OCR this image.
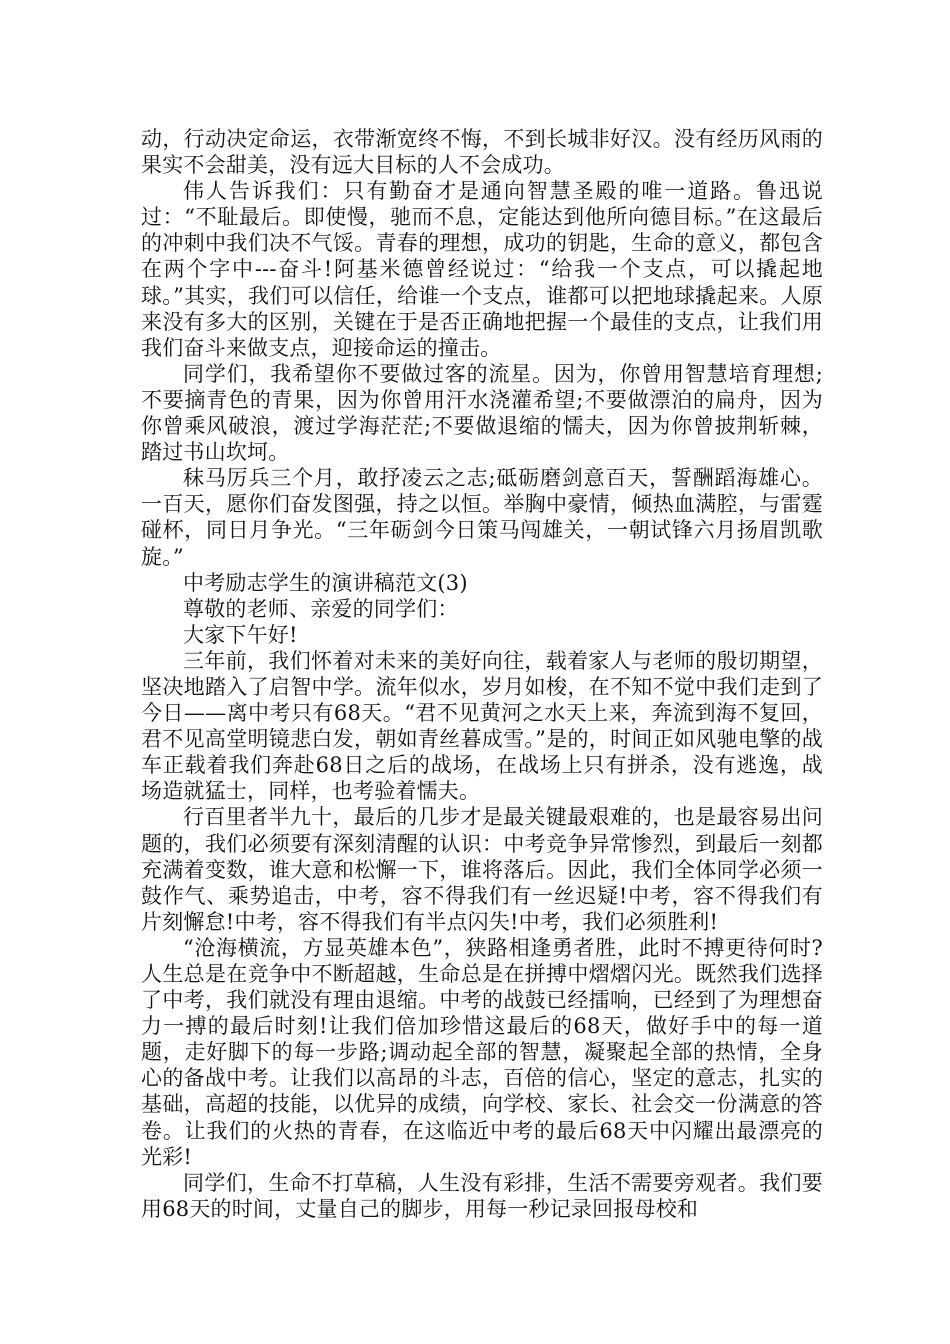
动，行动决定命运，衣带渐宽终不悔，不到长城非好汉。没有经历风雨的果实不会甜美，没有远大目标的人不会成功。

伟人告诉我们：只有勤奋才是通向智慧圣殿的唯一道路。鲁迅说过：“不耻最后。即使慢，驰而不息，定能达到他所向德目标。”在这最后的冲刺中我们决不气馁。青春的理想，成功的钥匙，生命的意义，都包含在两个字中---奋斗!阿基米德曾经说过：“给我一个支点，可以撬起地球。”其实，我们可以信任，给谁一个支点，谁都可以把地球撬起来。人原来没有多大的区别，关键在于是否正确地把握一个最佳的支点，让我们用我们奋斗来做支点，迎接命运的撞击。

同学们，我希望你不要做过客的流星。因为，你曾用智慧培育理想;不要摘青色的青果，因为你曾用汗水浇灌希望;不要做漂泊的扁舟，因为你曾乘风破浪，渡过学海茫茫;不要做退缩的懦夫，因为你曾披荆斩棘，踏过书山坎坷。

秣马厉兵三个月，敢抒凌云之志;砥砺磨剑意百天，誓酬蹈海雄心。一百天，愿你们奋发图强，持之以恒。举胸中豪情，倾热血满腔，与雷霆碰杯，同日月争光。“三年砺剑今日策马闯雄关，一朝试锋六月扬眉凯歌旋。”

中考励志学生的演讲稿范文(3)

尊敬的老师、亲爱的同学们：

大家下午好!

三年前，我们怀着对未来的美好向往，载着家人与老师的殷切期望，坚决地踏入了启智中学。流年似水，岁月如梭，在不知不觉中我们走到了今日——离中考只有68天。“君不见黄河之水天上来，奔流到海不复回，君不见高堂明镜悲白发，朝如青丝暮成雪。”是的，时间正如风驰电擎的战车正载着我们奔赴68日之后的战场，在战场上只有拼杀，没有逃逸，战场造就猛士，同样，也考验着懦夫。

行百里者半九十，最后的几步才是最关键最艰难的，也是最容易出问题的，我们必须要有深刻清醒的认识：中考竞争异常惨烈，到最后一刻都充满着变数，谁大意和松懈一下，谁将落后。因此，我们全体同学必须一鼓作气、乘势追击，中考，容不得我们有一丝迟疑!中考，容不得我们有片刻懈怠!中考，容不得我们有半点闪失!中考，我们必须胜利!

“沧海横流，方显英雄本色”，狭路相逢勇者胜，此时不搏更待何时?人生总是在竞争中不断超越，生命总是在拼搏中熠熠闪光。既然我们选择了中考，我们就没有理由退缩。中考的战鼓已经擂响，已经到了为理想奋力一搏的最后时刻!让我们倍加珍惜这最后的68天，做好手中的每一道题，走好脚下的每一步路;调动起全部的智慧，凝聚起全部的热情，全身心的备战中考。让我们以高昂的斗志，百倍的信心，坚定的意志，扎实的基础，高超的技能，以优异的成绩，向学校、家长、社会交一份满意的答卷。让我们的火热的青春，在这临近中考的最后68天中闪耀出最漂亮的光彩!

同学们，生命不打草稿，人生没有彩排，生活不需要旁观者。我们要用68天的时间，丈量自己的脚步，用每一秒记录回报母校和
